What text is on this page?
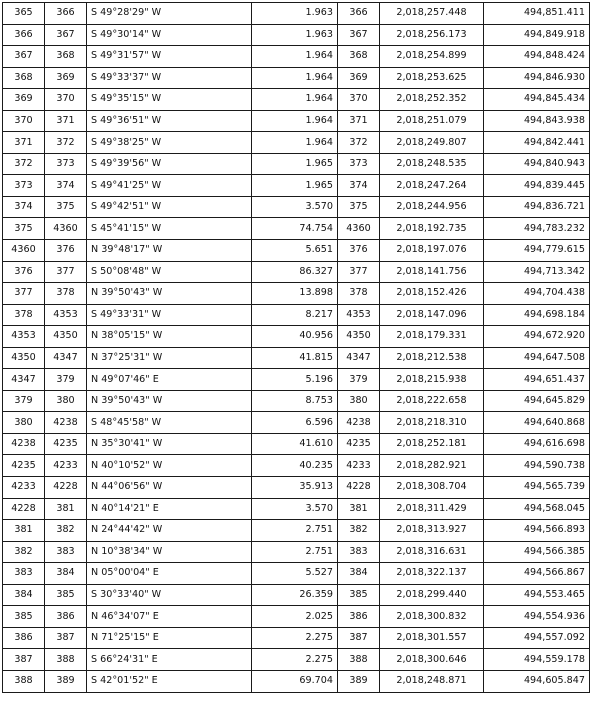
365	366	S 49°28'29" W	1.963	366	2,018,257.448	494,851.411
366	367	S 49°30'14" W	1.963	367	2,018,256.173	494,849.918
367	368	S 49°31'57" W	1.964	368	2,018,254.899	494,848.424
368	369	S 49°33'37" W	1.964	369	2,018,253.625	494,846.930
369	370	S 49°35'15" W	1.964	370	2,018,252.352	494,845.434
370	371	S 49°36'51" W	1.964	371	2,018,251.079	494,843.938
371	372	S 49°38'25" W	1.964	372	2,018,249.807	494,842.441
372	373	S 49°39'56" W	1.965	373	2,018,248.535	494,840.943
373	374	S 49°41'25" W	1.965	374	2,018,247.264	494,839.445
374	375	S 49°42'51" W	3.570	375	2,018,244.956	494,836.721
375	4360	S 45°41'15" W	74.754	4360	2,018,192.735	494,783.232
4360	376	N 39°48'17" W	5.651	376	2,018,197.076	494,779.615
376	377	S 50°08'48" W	86.327	377	2,018,141.756	494,713.342
377	378	N 39°50'43" W	13.898	378	2,018,152.426	494,704.438
378	4353	S 49°33'31" W	8.217	4353	2,018,147.096	494,698.184
4353	4350	N 38°05'15" W	40.956	4350	2,018,179.331	494,672.920
4350	4347	N 37°25'31" W	41.815	4347	2,018,212.538	494,647.508
4347	379	N 49°07'46" E	5.196	379	2,018,215.938	494,651.437
379	380	N 39°50'43" W	8.753	380	2,018,222.658	494,645.829
380	4238	S 48°45'58" W	6.596	4238	2,018,218.310	494,640.868
4238	4235	N 35°30'41" W	41.610	4235	2,018,252.181	494,616.698
4235	4233	N 40°10'52" W	40.235	4233	2,018,282.921	494,590.738
4233	4228	N 44°06'56" W	35.913	4228	2,018,308.704	494,565.739
4228	381	N 40°14'21" E	3.570	381	2,018,311.429	494,568.045
381	382	N 24°44'42" W	2.751	382	2,018,313.927	494,566.893
382	383	N 10°38'34" W	2.751	383	2,018,316.631	494,566.385
383	384	N 05°00'04" E	5.527	384	2,018,322.137	494,566.867
384	385	S 30°33'40" W	26.359	385	2,018,299.440	494,553.465
385	386	N 46°34'07" E	2.025	386	2,018,300.832	494,554.936
386	387	N 71°25'15" E	2.275	387	2,018,301.557	494,557.092
387	388	S 66°24'31" E	2.275	388	2,018,300.646	494,559.178
388	389	S 42°01'52" E	69.704	389	2,018,248.871	494,605.847
